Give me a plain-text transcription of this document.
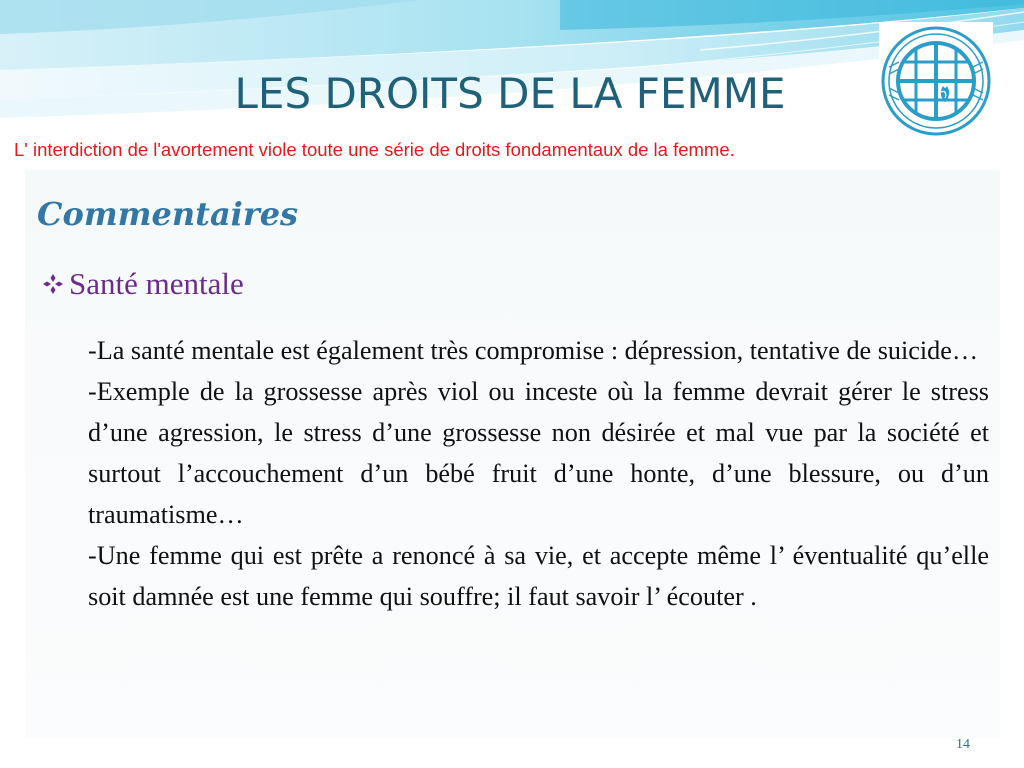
LES DROITS DE LA FEMME
L' interdiction de l'avortement viole toute une série de droits fondamentaux de la femme.
Commentaires
Santé mentale

-La santé mentale est également très compromise : dépression, tentative de suicide…

-Exemple de la grossesse après viol ou inceste où la femme devrait gérer le stress d’une agression, le stress d’une grossesse non désirée et mal vue par la société et surtout l’accouchement d’un bébé fruit d’une honte, d’une blessure, ou d’un traumatisme…

-Une femme qui est prête a renoncé à sa vie, et accepte même l’ éventualité qu’elle soit damnée est une femme qui souffre; il faut savoir l’ écouter .

14
